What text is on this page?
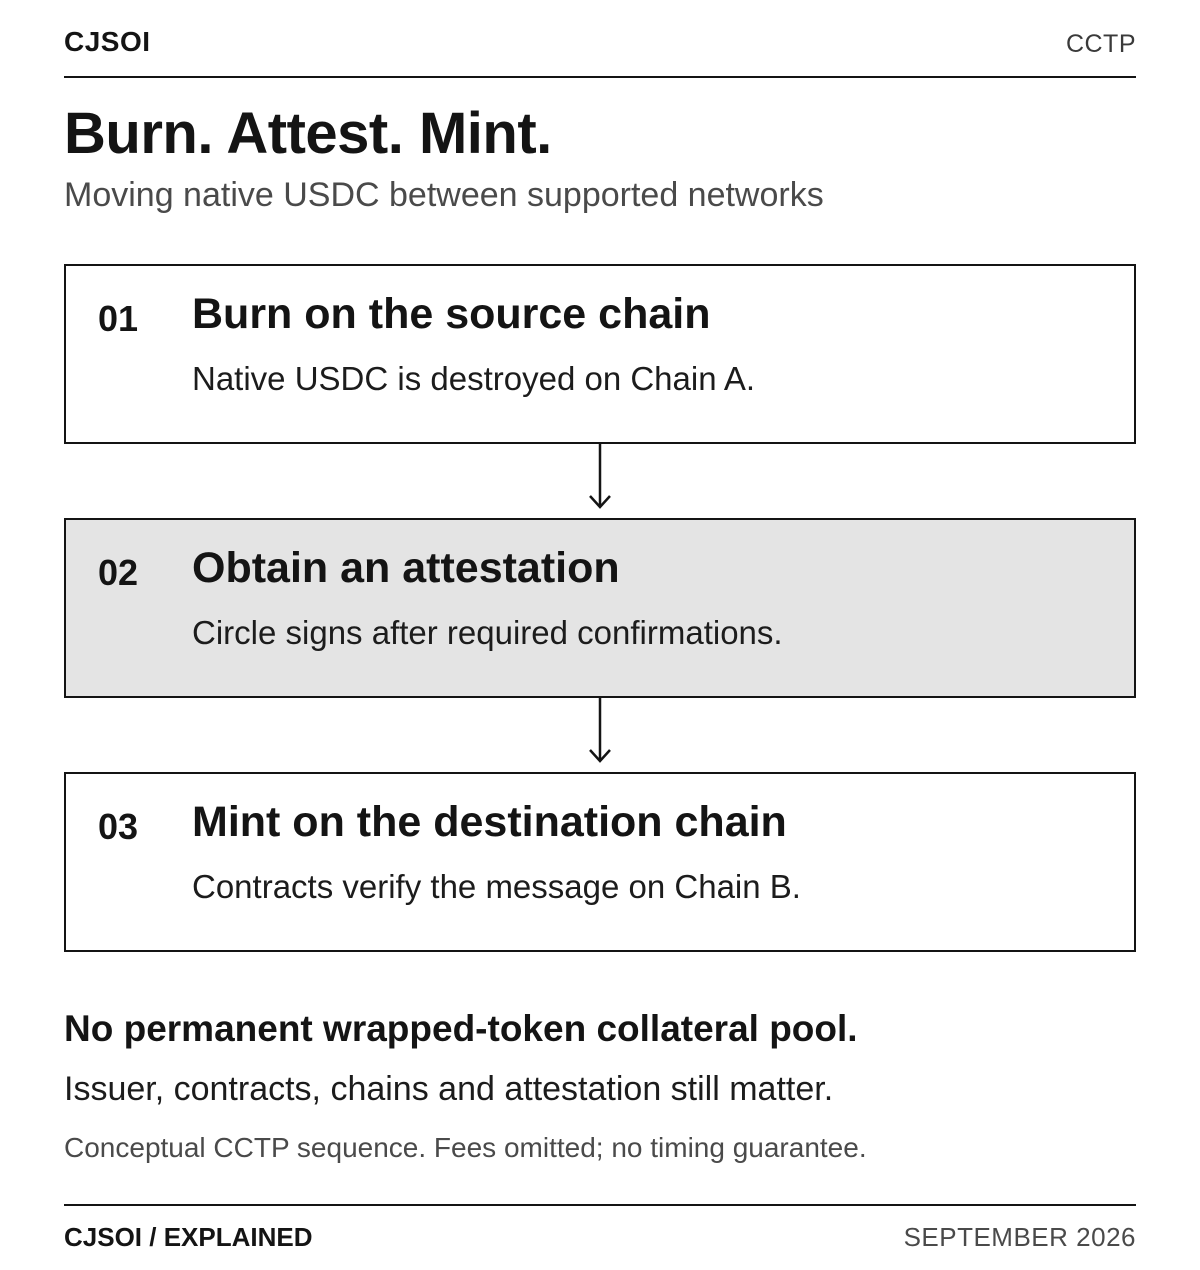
CJSOI	CCTP
Burn. Attest. Mint.
Moving native USDC between supported networks
01 Burn on the source chain
Native USDC is destroyed on Chain A.
02 Obtain an attestation
Circle signs after required confirmations.
03 Mint on the destination chain
Contracts verify the message on Chain B.
No permanent wrapped-token collateral pool.
Issuer, contracts, chains and attestation still matter.
Conceptual CCTP sequence. Fees omitted; no timing guarantee.
CJSOI / EXPLAINED	SEPTEMBER 2026
